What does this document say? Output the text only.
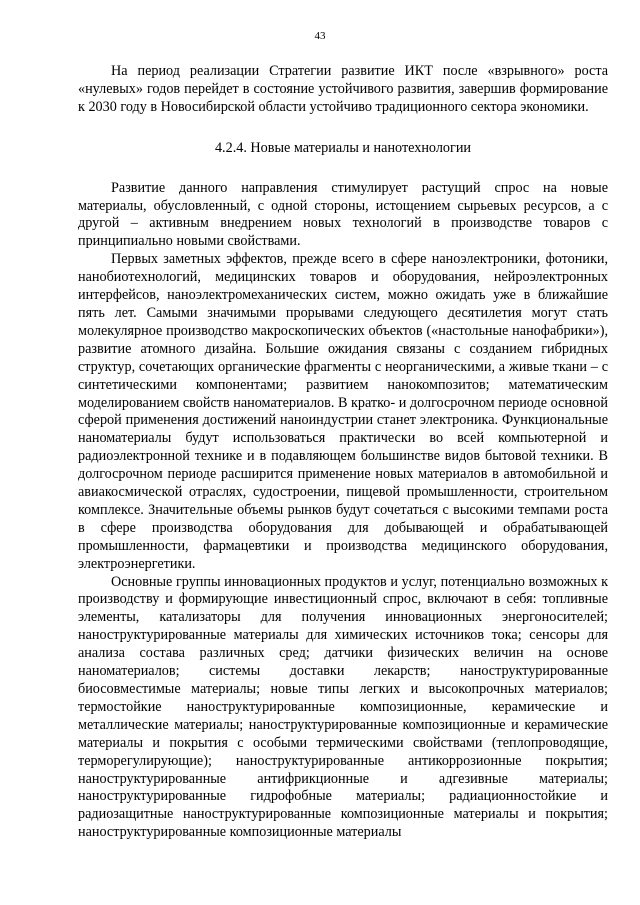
43

На период реализации Стратегии развитие ИКТ после «взрывного» роста «нулевых» годов перейдет в состояние устойчивого развития, завершив формирование к 2030 году в Новосибирской области устойчиво традиционного сектора экономики.

4.2.4. Новые материалы и нанотехнологии

Развитие данного направления стимулирует растущий спрос на новые материалы, обусловленный, с одной стороны, истощением сырьевых ресурсов, а с другой – активным внедрением новых технологий в производстве товаров с принципиально новыми свойствами.

Первых заметных эффектов, прежде всего в сфере наноэлектроники, фотоники, нанобиотехнологий, медицинских товаров и оборудования, нейроэлектронных интерфейсов, наноэлектромеханических систем, можно ожидать уже в ближайшие пять лет. Самыми значимыми прорывами следующего десятилетия могут стать молекулярное производство макроскопических объектов («настольные нанофабрики»), развитие атомного дизайна. Большие ожидания связаны с созданием гибридных структур, сочетающих органические фрагменты с неорганическими, а живые ткани – с синтетическими компонентами; развитием нанокомпозитов; математическим моделированием свойств наноматериалов. В кратко- и долгосрочном периоде основной сферой применения достижений наноиндустрии станет электроника. Функциональные наноматериалы будут использоваться практически во всей компьютерной и радиоэлектронной технике и в подавляющем большинстве видов бытовой техники. В долгосрочном периоде расширится применение новых материалов в автомобильной и авиакосмической отраслях, судостроении, пищевой промышленности, строительном комплексе. Значительные объемы рынков будут сочетаться с высокими темпами роста в сфере производства оборудования для добывающей и обрабатывающей промышленности, фармацевтики и производства медицинского оборудования, электроэнергетики.

Основные группы инновационных продуктов и услуг, потенциально возможных к производству и формирующие инвестиционный спрос, включают в себя: топливные элементы, катализаторы для получения инновационных энергоносителей; наноструктурированные материалы для химических источников тока; сенсоры для анализа состава различных сред; датчики физических величин на основе наноматериалов; системы доставки лекарств; наноструктурированные биосовместимые материалы; новые типы легких и высокопрочных материалов; термостойкие наноструктурированные композиционные, керамические и металлические материалы; наноструктурированные композиционные и керамические материалы и покрытия с особыми термическими свойствами (теплопроводящие, терморегулирующие); наноструктурированные антикоррозионные покрытия; наноструктурированные антифрикционные и адгезивные материалы; наноструктурированные гидрофобные материалы; радиационностойкие и радиозащитные наноструктурированные композиционные материалы и покрытия; наноструктурированные композиционные материалы
